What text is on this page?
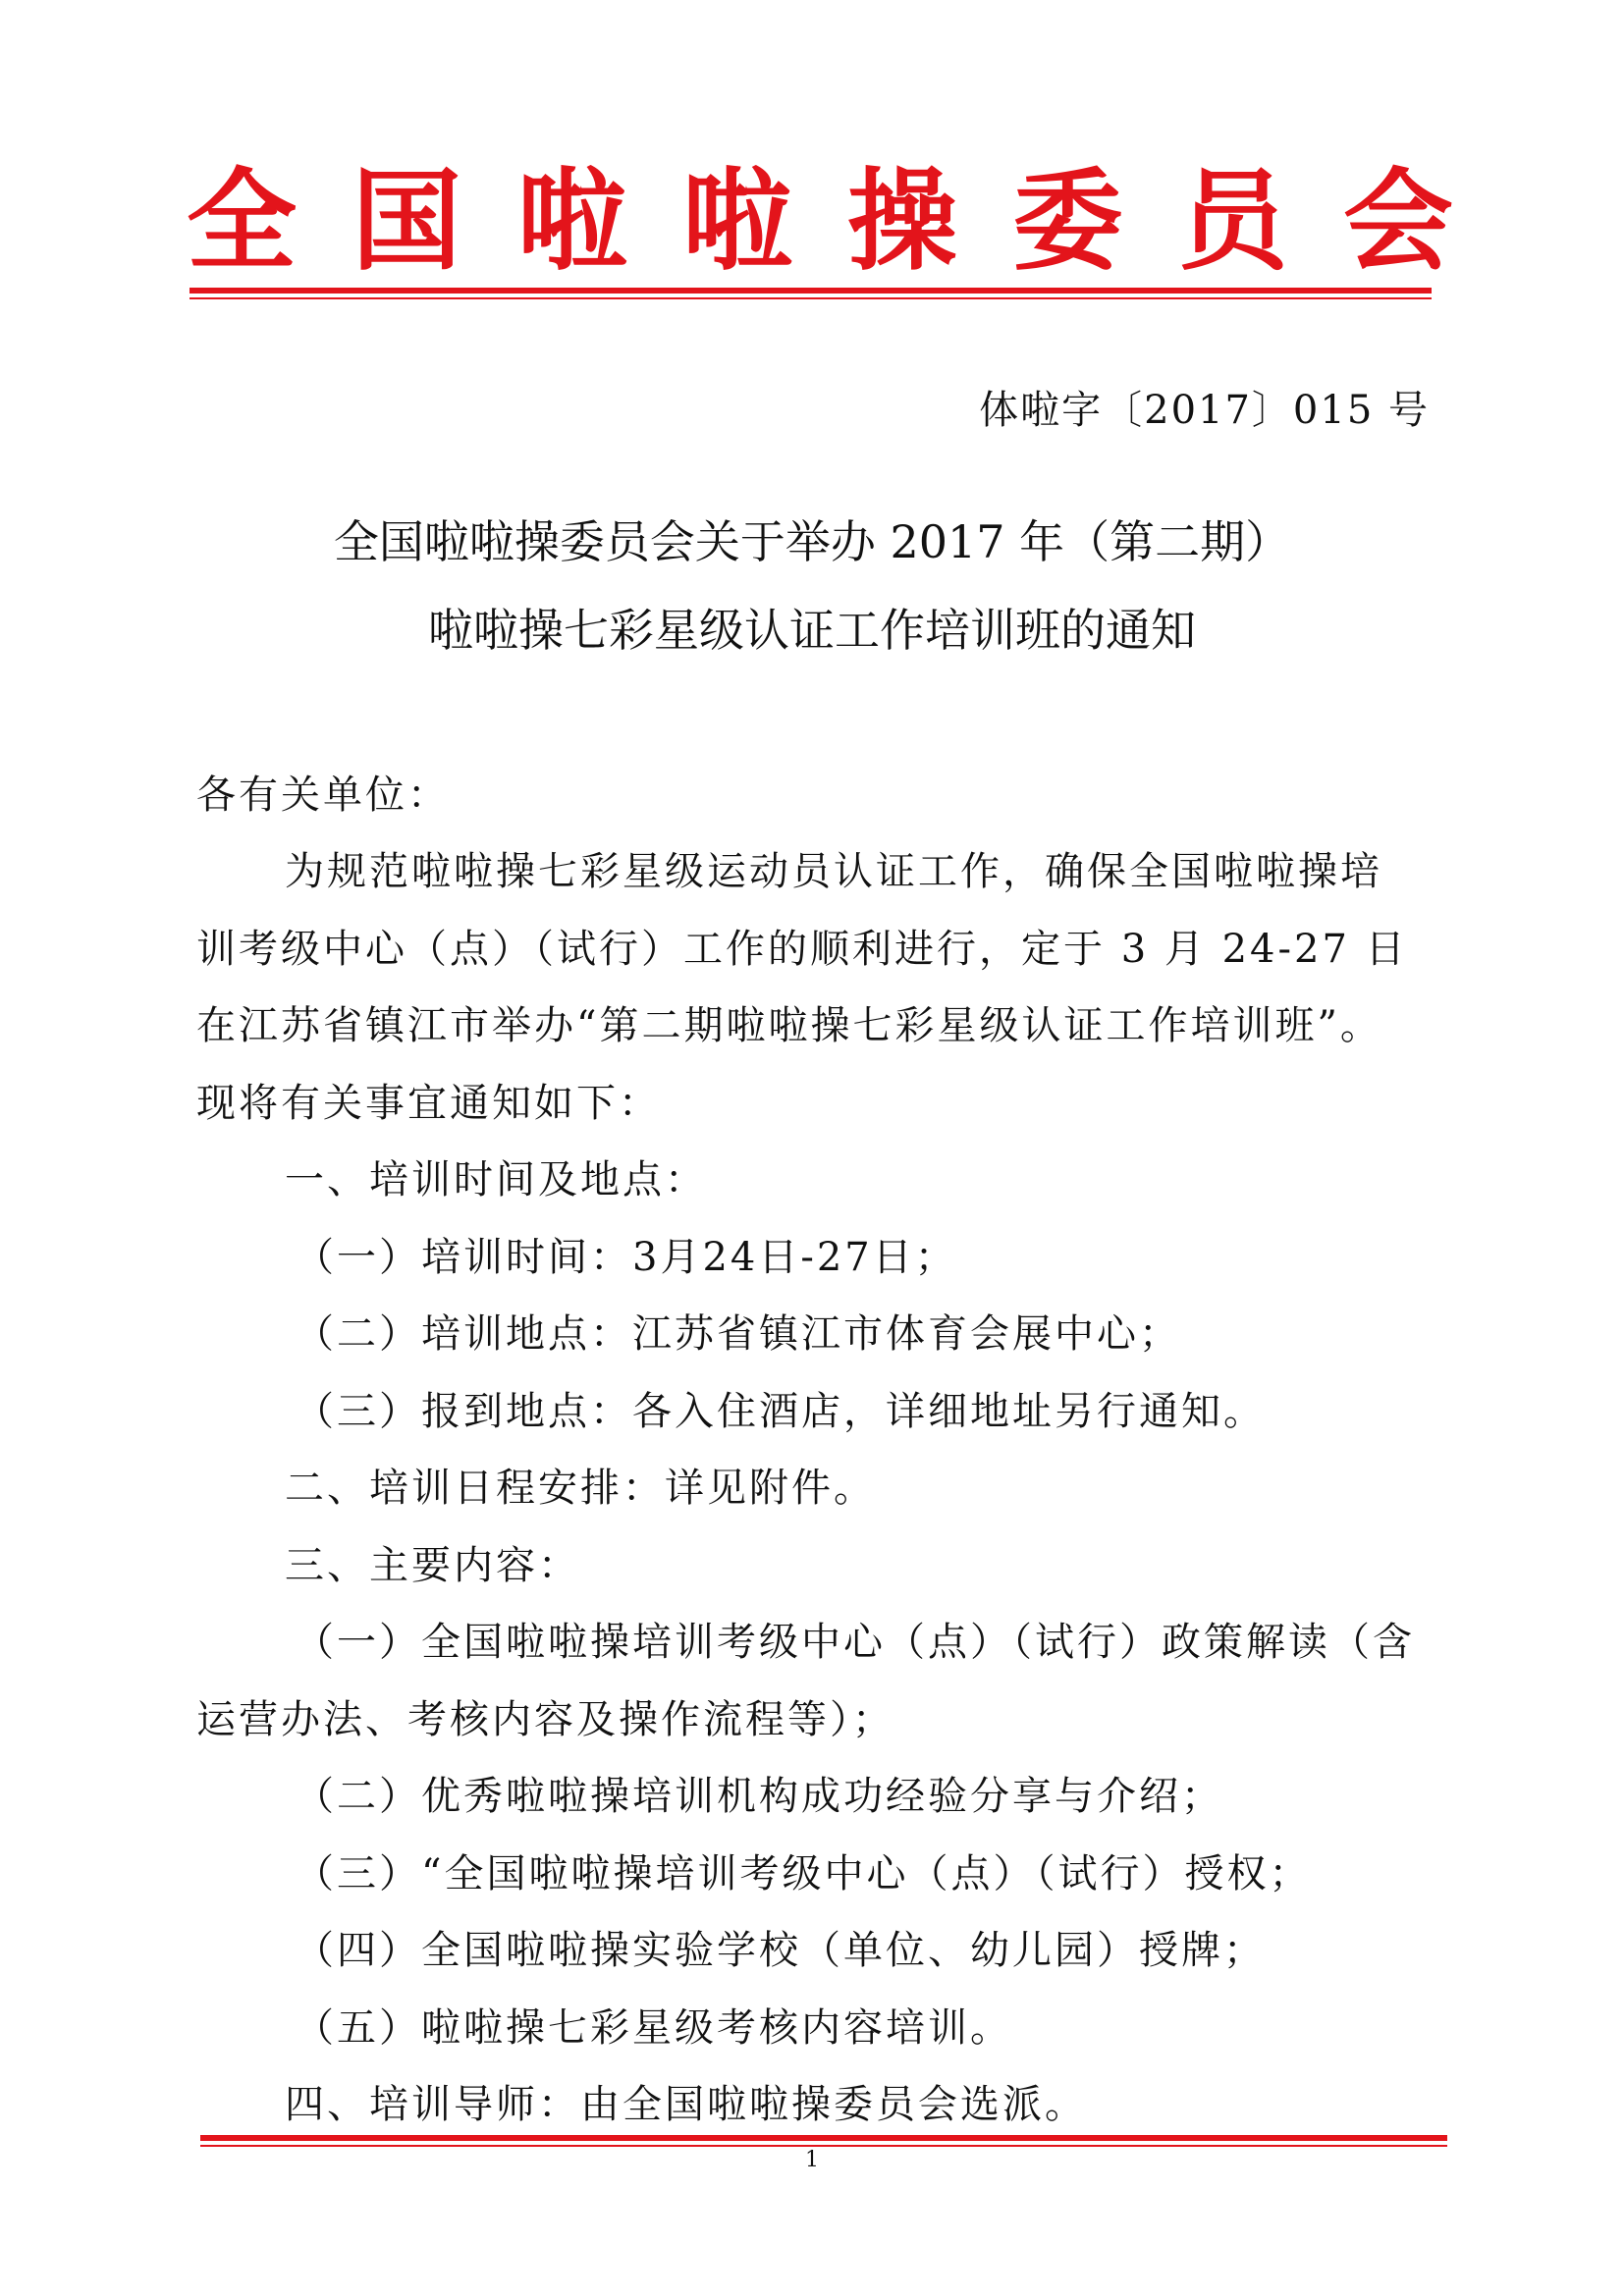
全 国 啦 啦 操 委 员 会
体啦字〔2017〕015 号
全国啦啦操委员会关于举办 2017 年（第二期）
啦啦操七彩星级认证工作培训班的通知
各有关单位：
为规范啦啦操七彩星级运动员认证工作，确保全国啦啦操培
训考级中心（点）（试行）工作的顺利进行，定于 3 月 24-27 日
在江苏省镇江市举办“第二期啦啦操七彩星级认证工作培训班”。
现将有关事宜通知如下：
一、培训时间及地点：
（一）培训时间：3月24日-27日；
（二）培训地点：江苏省镇江市体育会展中心；
（三）报到地点：各入住酒店，详细地址另行通知。
二、培训日程安排：详见附件。
三、主要内容：
（一）全国啦啦操培训考级中心（点）（试行）政策解读（含
运营办法、考核内容及操作流程等）；
（二）优秀啦啦操培训机构成功经验分享与介绍；
（三）“全国啦啦操培训考级中心（点）（试行）授权；
（四）全国啦啦操实验学校（单位、幼儿园）授牌；
（五）啦啦操七彩星级考核内容培训。
四、培训导师：由全国啦啦操委员会选派。
1
